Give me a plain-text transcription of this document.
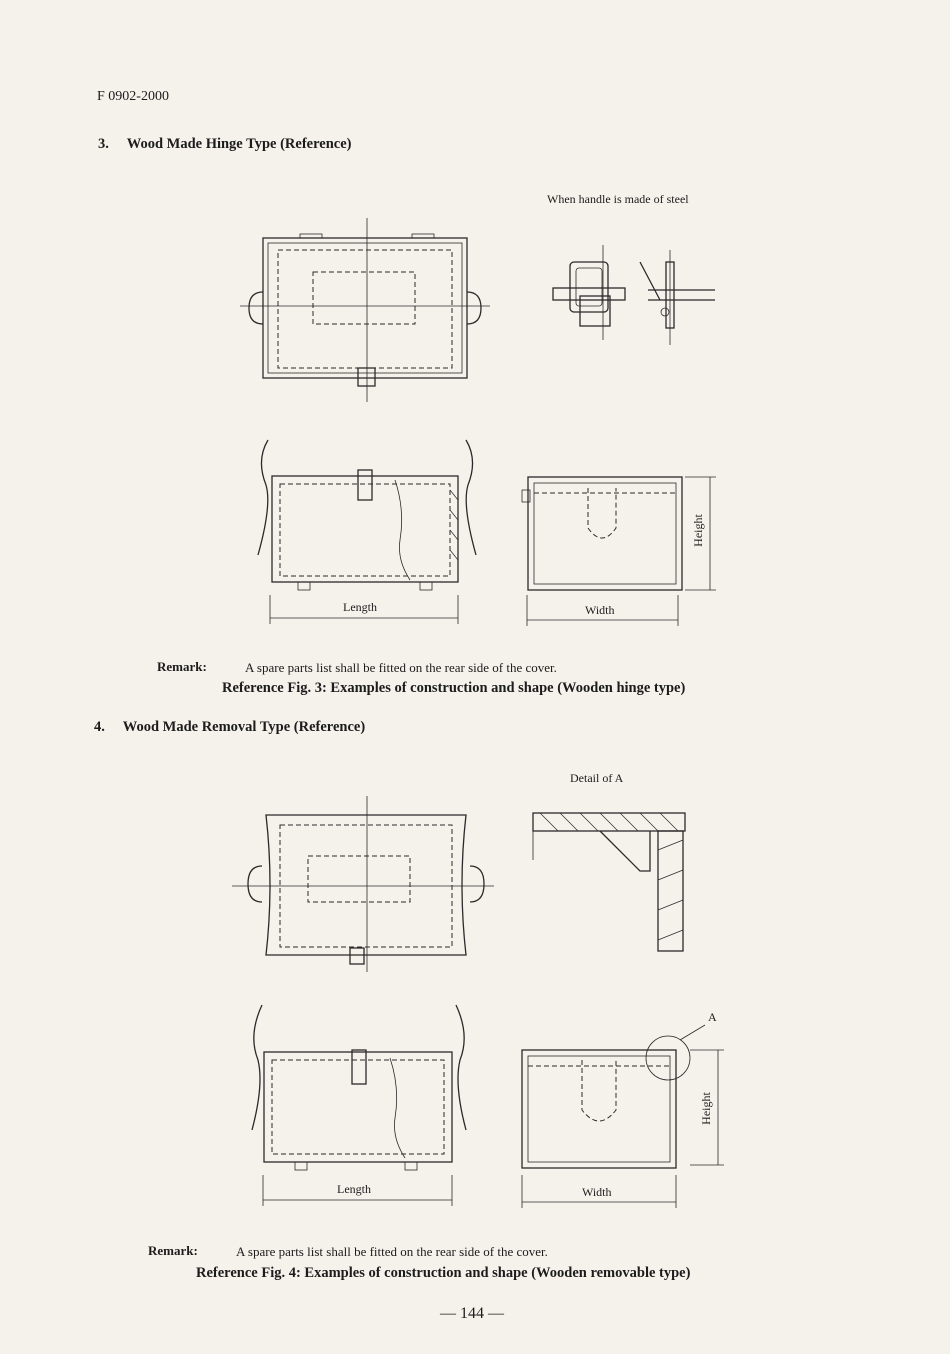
F 0902-2000
3.  Wood Made Hinge Type (Reference)
When handle is made of steel
Length	Width
Height
Remark:	A spare parts list shall be fitted on the rear side of the cover.
Reference Fig. 3: Examples of construction and shape (Wooden hinge type)
4.  Wood Made Removal Type (Reference)
Detail of A
A
Length	Width
Height
Remark:	A spare parts list shall be fitted on the rear side of the cover.
Reference Fig. 4: Examples of construction and shape (Wooden removable type)
— 144 —
